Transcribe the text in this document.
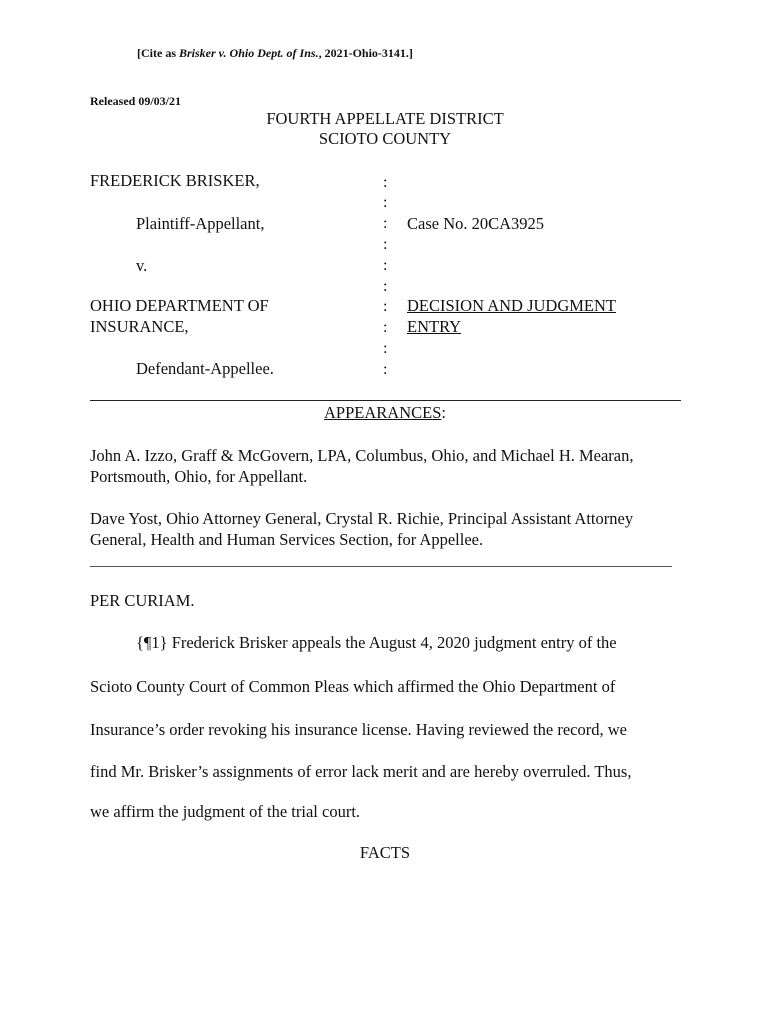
[Cite as Brisker v. Ohio Dept. of Ins., 2021-Ohio-3141.]
Released 09/03/21
FOURTH APPELLATE DISTRICT
SCIOTO COUNTY
FREDERICK BRISKER,
Plaintiff-Appellant,
v.
OHIO DEPARTMENT OF
INSURANCE,
Defendant-Appellee.
:
:
:
:
:
:
:
:
:
:
Case No. 20CA3925
DECISION AND JUDGMENT
ENTRY
APPEARANCES:
John A. Izzo, Graff & McGovern, LPA, Columbus, Ohio, and Michael H. Mearan, Portsmouth, Ohio, for Appellant.
Dave Yost, Ohio Attorney General, Crystal R. Richie, Principal Assistant Attorney General, Health and Human Services Section, for Appellee.
PER CURIAM.
{¶1} Frederick Brisker appeals the August 4, 2020 judgment entry of the
Scioto County Court of Common Pleas which affirmed the Ohio Department of
Insurance’s order revoking his insurance license. Having reviewed the record, we
find Mr. Brisker’s assignments of error lack merit and are hereby overruled. Thus,
we affirm the judgment of the trial court.
FACTS
